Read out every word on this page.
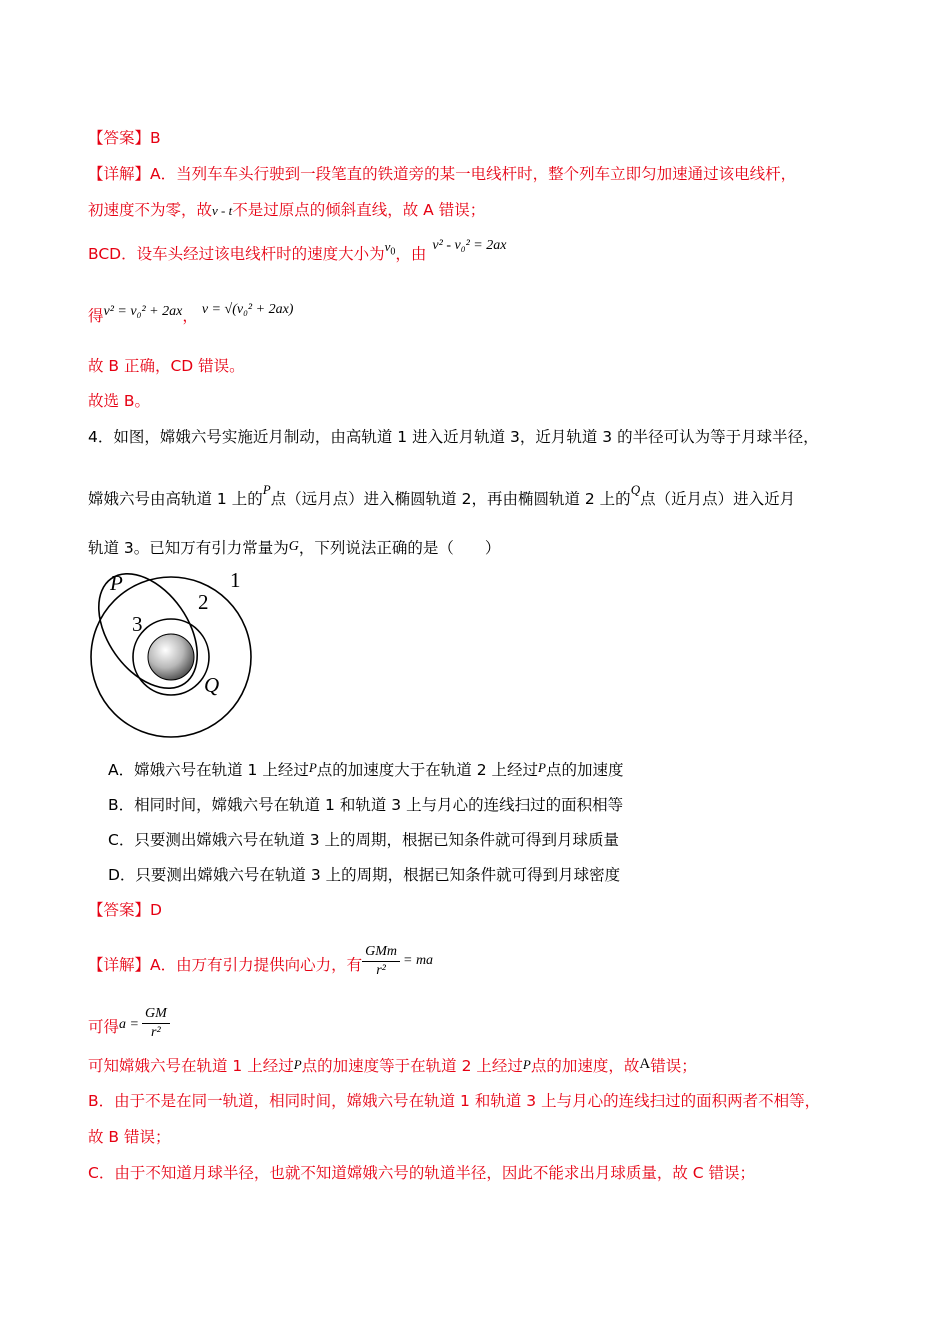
【答案】B
【详解】A．当列车车头行驶到一段笔直的铁道旁的某一电线杆时，整个列车立即匀加速通过该电线杆，
初速度不为零，故v - t不是过原点的倾斜直线，故 A 错误；
BCD．设车头经过该电线杆时的速度大小为$^{v_0}$，由 v² - v₀² = 2ax
得v² = v₀² + 2ax， v = √(v₀² + 2ax)
故 B 正确，CD 错误。
故选 B。
4．如图，嫦娥六号实施近月制动，由高轨道 1 进入近月轨道 3，近月轨道 3 的半径可认为等于月球半径，
嫦娥六号由高轨道 1 上的$^P$点（远月点）进入椭圆轨道 2，再由椭圆轨道 2 上的$^Q$点（近月点）进入近月
轨道 3。已知万有引力常量为G，下列说法正确的是（　　）
P	1
2
3
Q
A．嫦娥六号在轨道 1 上经过P点的加速度大于在轨道 2 上经过P点的加速度
B．相同时间，嫦娥六号在轨道 1 和轨道 3 上与月心的连线扫过的面积相等
C．只要测出嫦娥六号在轨道 3 上的周期，根据已知条件就可得到月球质量
D．只要测出嫦娥六号在轨道 3 上的周期，根据已知条件就可得到月球密度
【答案】D
【详解】A．由万有引力提供向心力，有 $\frac{\text{GMm}}{\text{r²}}$ = ma
可得$a = \frac{GM}{\text{r²}}$
可知嫦娥六号在轨道 1 上经过P点的加速度等于在轨道 2 上经过P点的加速度，故A错误；
B．由于不是在同一轨道，相同时间，嫦娥六号在轨道 1 和轨道 3 上与月心的连线扫过的面积两者不相等，
故 B 错误；
C．由于不知道月球半径，也就不知道嫦娥六号的轨道半径，因此不能求出月球质量，故 C 错误；
